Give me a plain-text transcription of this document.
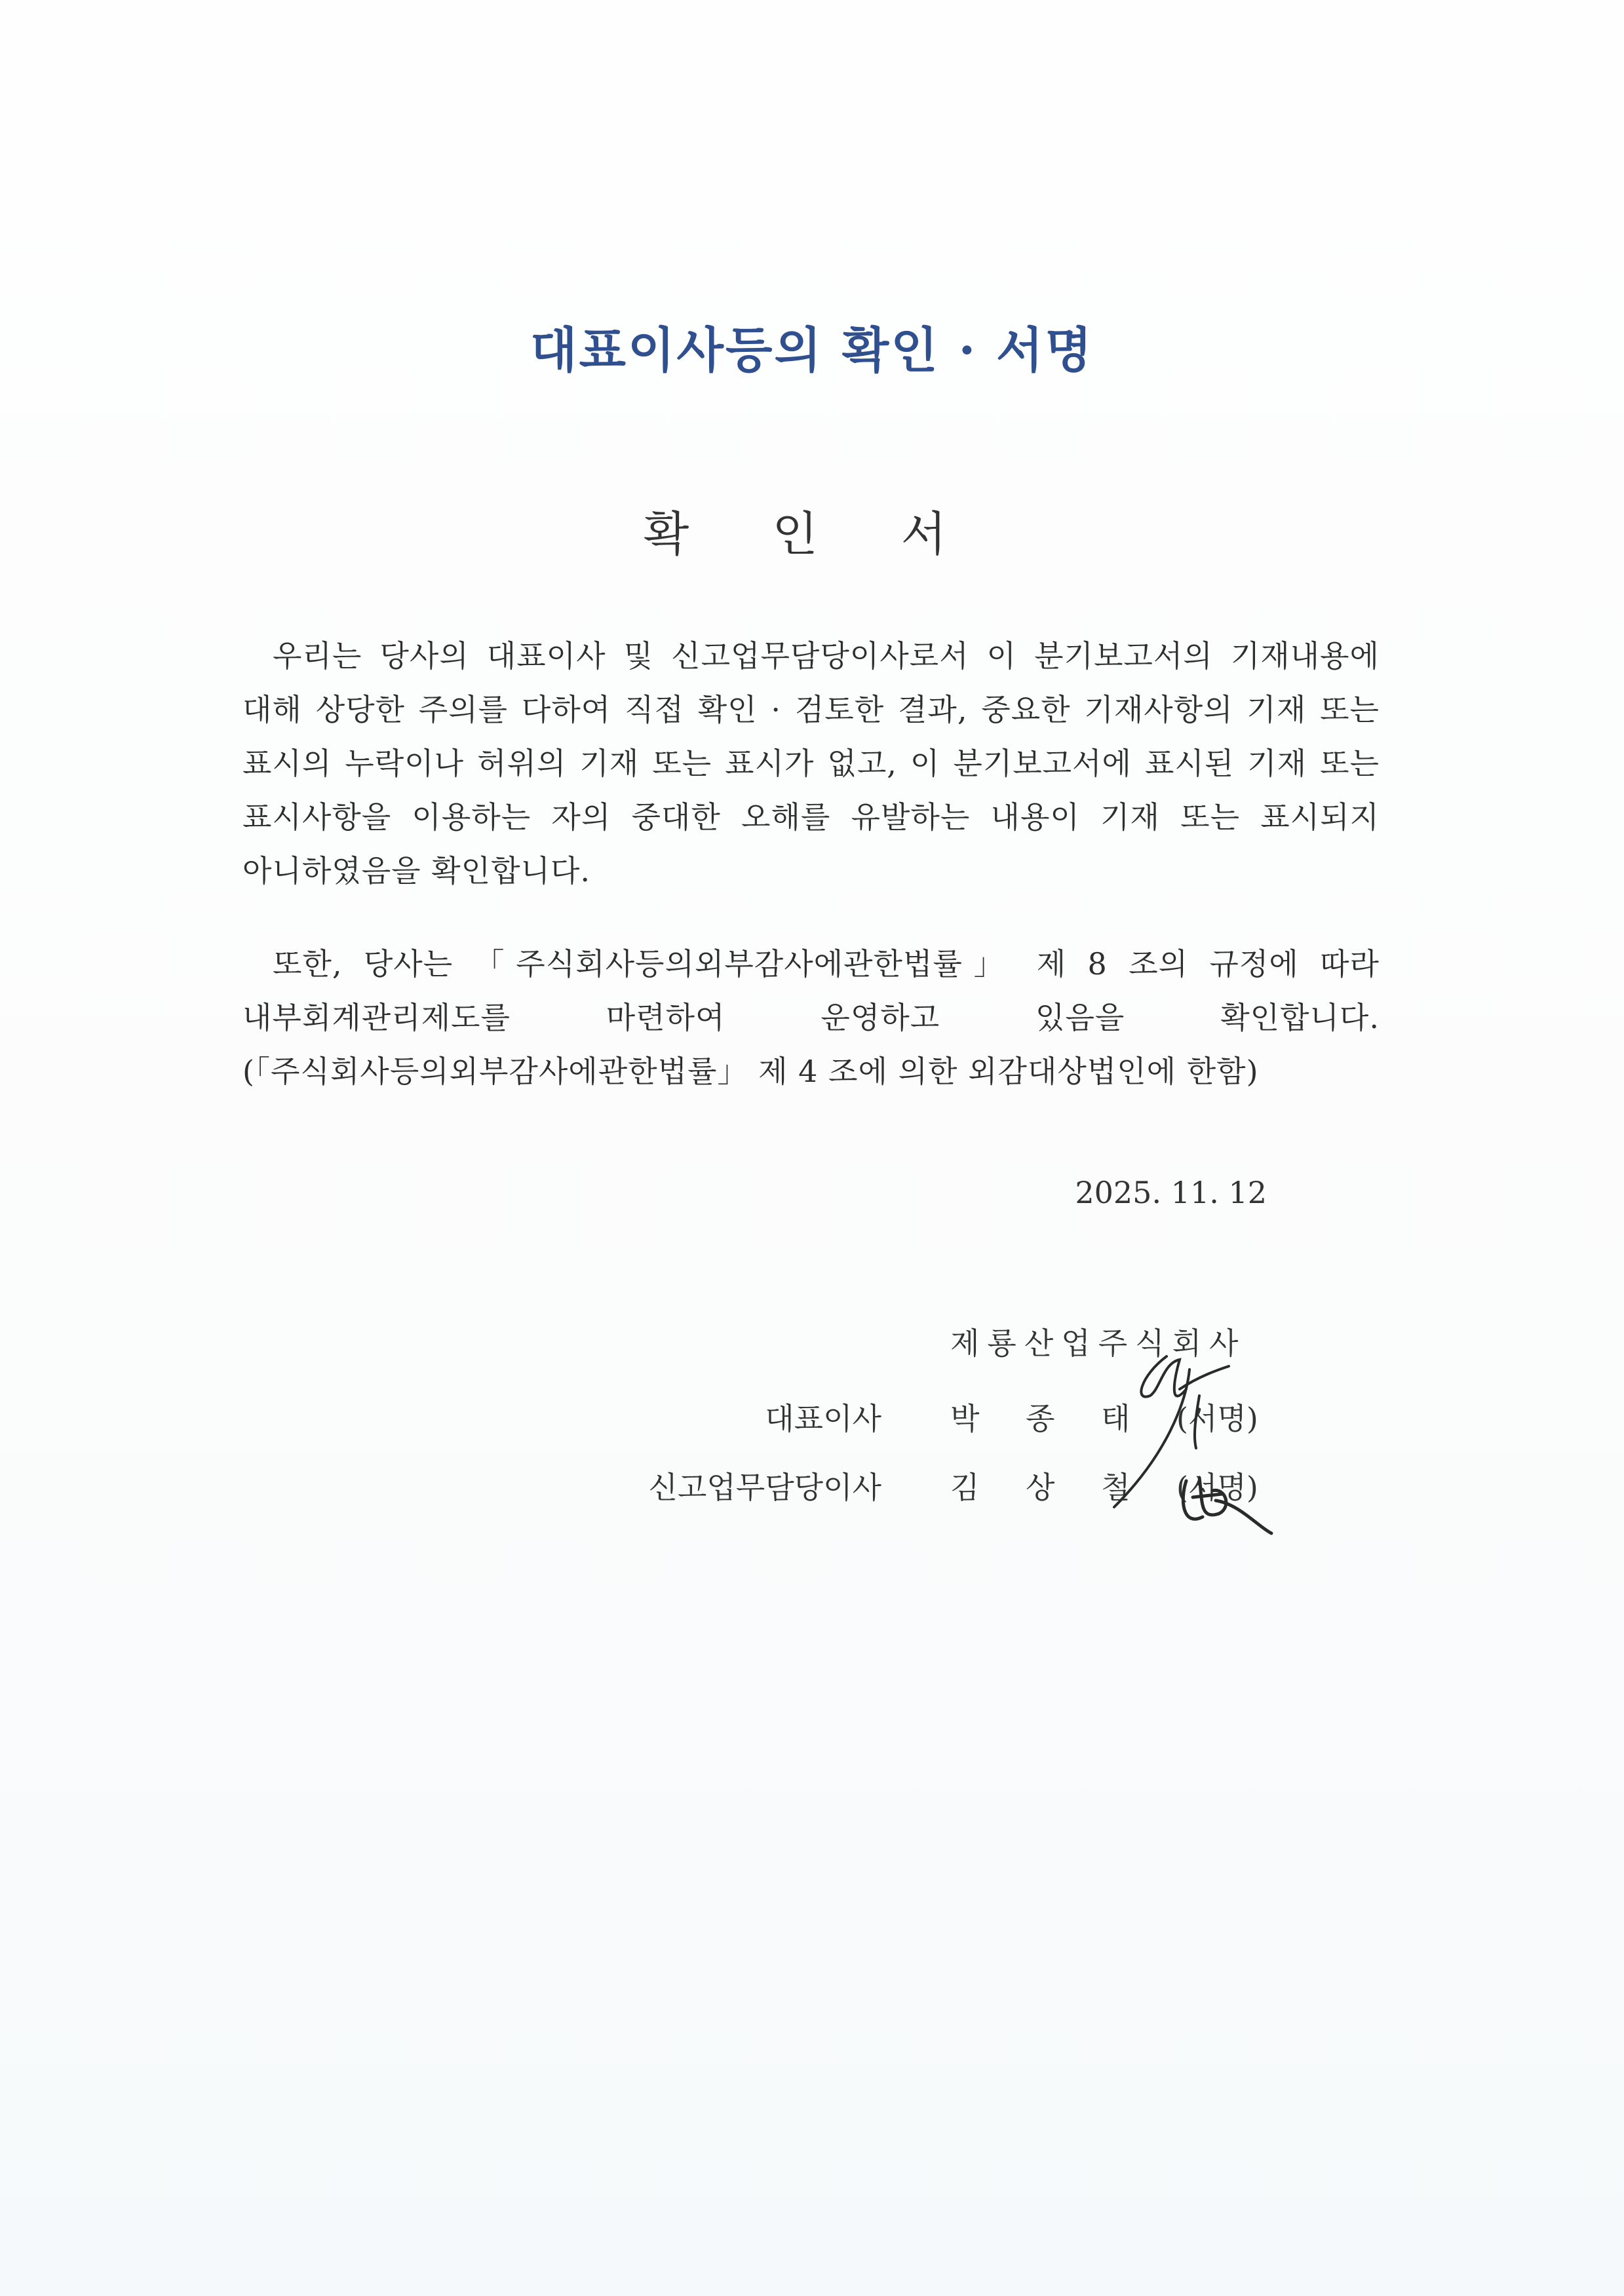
대표이사등의 확인 · 서명
확 인 서
우리는 당사의 대표이사 및 신고업무담당이사로서 이 분기보고서의 기재내용에 대해 상당한 주의를 다하여 직접 확인 · 검토한 결과, 중요한 기재사항의 기재 또는 표시의 누락이나 허위의 기재 또는 표시가 없고, 이 분기보고서에 표시된 기재 또는 표시사항을 이용하는 자의 중대한 오해를 유발하는 내용이 기재 또는 표시되지 아니하였음을 확인합니다.
또한, 당사는 「주식회사등의외부감사에관한법률」 제 8 조의 규정에 따라 내부회계관리제도를 마련하여 운영하고 있음을 확인합니다.(「주식회사등의외부감사에관한법률」 제 4 조에 의한 외감대상법인에 한함)
2025. 11. 12
제룡산업주식회사
대표이사 박 종 태 (서명)
신고업무담당이사 김 상 철 (서명)
